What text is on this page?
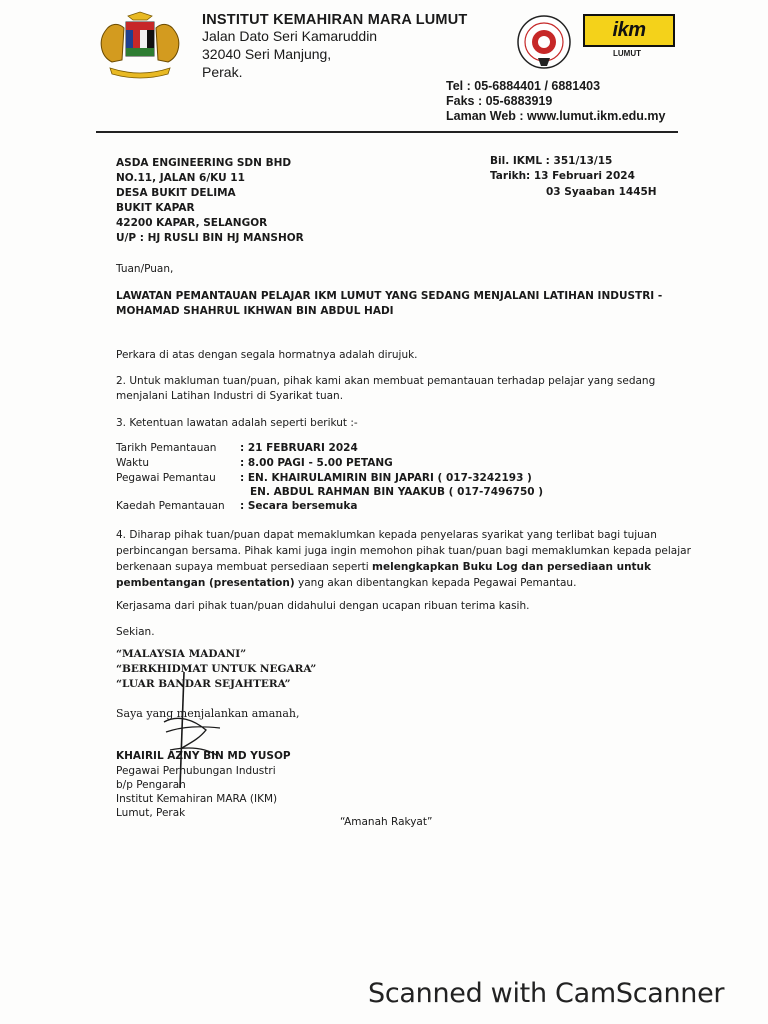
INSTITUT KEMAHIRAN MARA LUMUT
Jalan Dato Seri Kamaruddin
32040 Seri Manjung,
Perak.
ikm
LUMUT
Tel : 05-6884401 / 6881403
Faks : 05-6883919
Laman Web : www.lumut.ikm.edu.my
ASDA ENGINEERING SDN BHD
NO.11, JALAN 6/KU 11
DESA BUKIT DELIMA
BUKIT KAPAR
42200 KAPAR, SELANGOR
U/P : HJ RUSLI BIN HJ MANSHOR
Bil. IKML : 351/13/15
Tarikh : 13 Februari 2024
03 Syaaban 1445H
Tuan/Puan,
LAWATAN PEMANTAUAN PELAJAR IKM LUMUT YANG SEDANG MENJALANI LATIHAN INDUSTRI -
MOHAMAD SHAHRUL IKHWAN BIN ABDUL HADI
Perkara di atas dengan segala hormatnya adalah dirujuk.
2. Untuk makluman tuan/puan, pihak kami akan membuat pemantauan terhadap pelajar yang sedang
menjalani Latihan Industri di Syarikat tuan.
3. Ketentuan lawatan adalah seperti berikut :-
Tarikh Pemantauan : 21 FEBRUARI 2024
Waktu	: 8.00 PAGI - 5.00 PETANG
Pegawai Pemantau : EN. KHAIRULAMIRIN BIN JAPARI ( 017-3242193 )
EN. ABDUL RAHMAN BIN YAAKUB ( 017-7496750 )
Kaedah Pemantauan : Secara bersemuka
4. Diharap pihak tuan/puan dapat memaklumkan kepada penyelaras syarikat yang terlibat bagi tujuan
perbincangan bersama. Pihak kami juga ingin memohon pihak tuan/puan bagi memaklumkan kepada pelajar
berkenaan supaya membuat persediaan seperti melengkapkan Buku Log dan persediaan untuk
pembentangan (presentation) yang akan dibentangkan kepada Pegawai Pemantau.
Kerjasama dari pihak tuan/puan didahului dengan ucapan ribuan terima kasih.
Sekian.
“MALAYSIA MADANI”
“BERKHIDMAT UNTUK NEGARA”
“LUAR BANDAR SEJAHTERA”
Saya yang menjalankan amanah,
KHAIRIL AZNY BIN MD YUSOP
Pegawai Perhubungan Industri
b/p Pengarah
Institut Kemahiran MARA (IKM)
Lumut, Perak
“Amanah Rakyat”
Scanned with CamScanner
